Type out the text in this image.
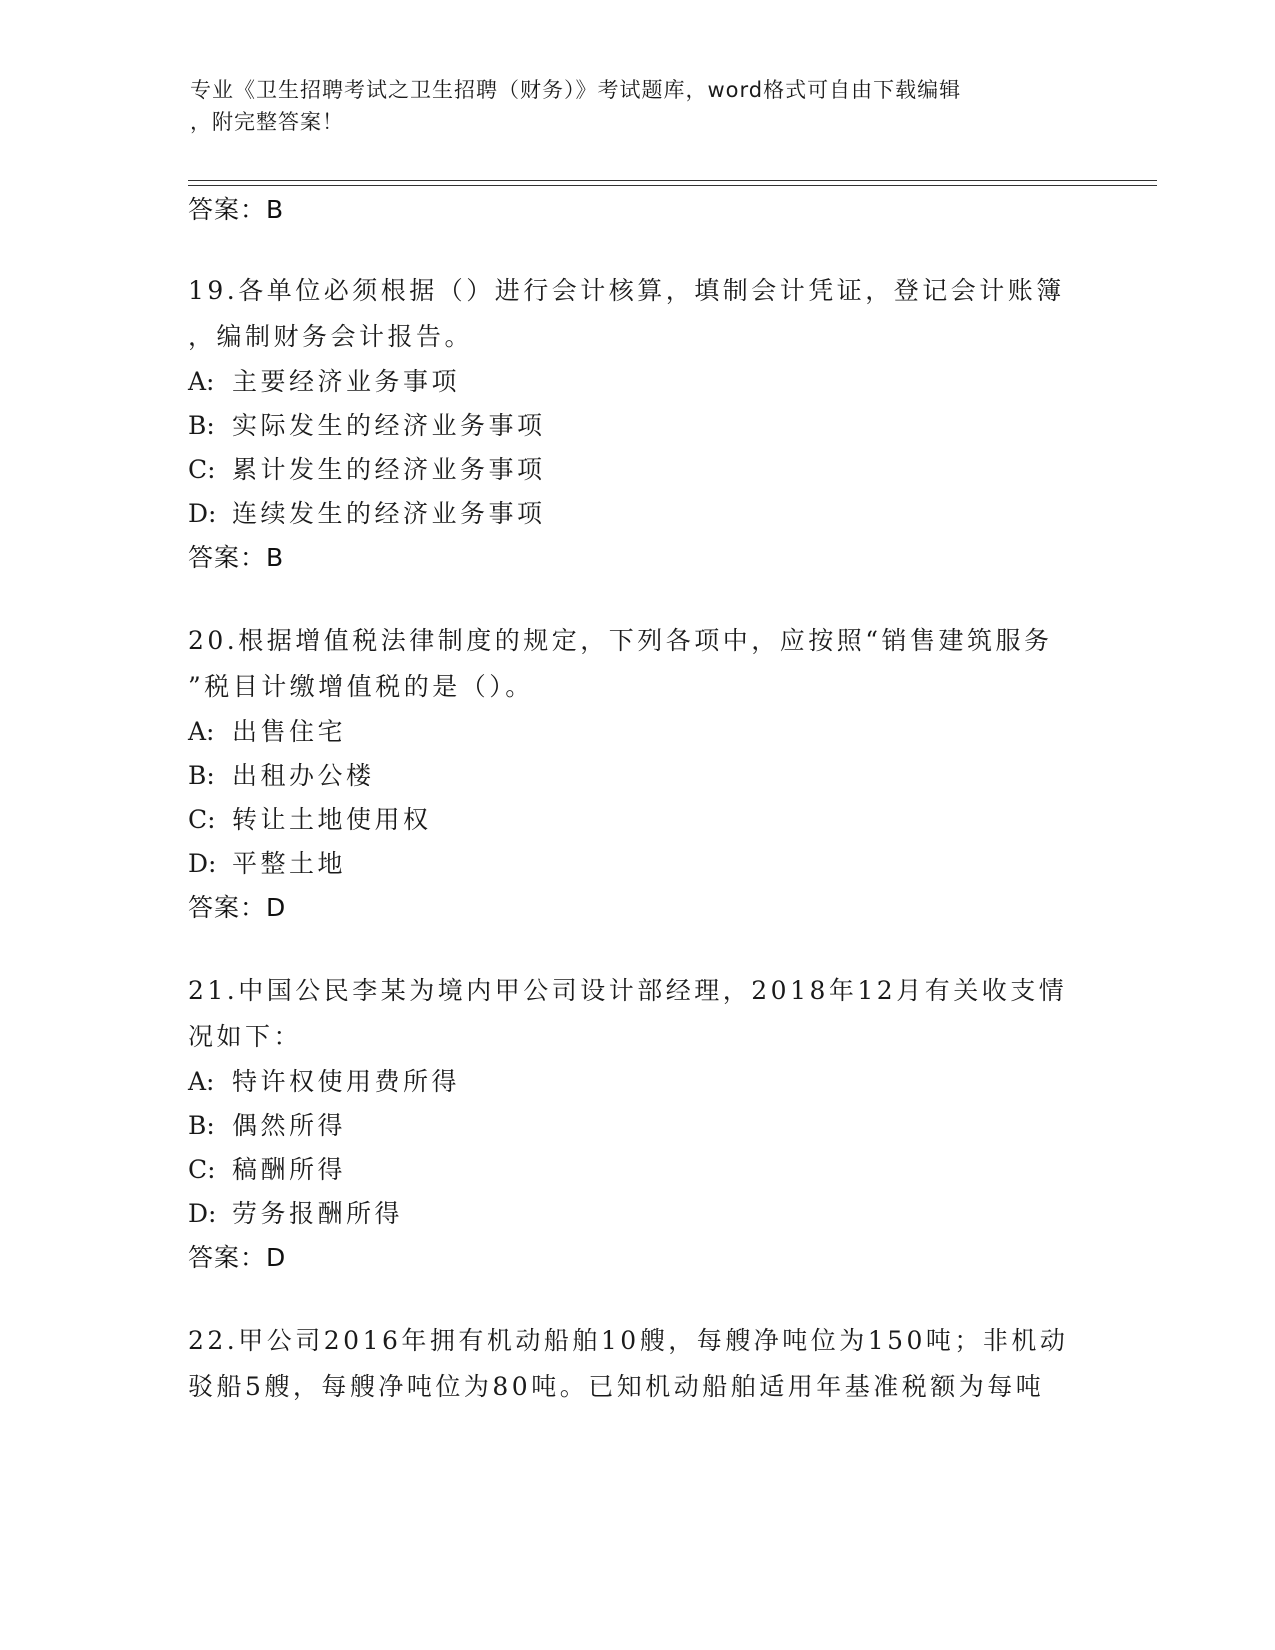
专业《卫生招聘考试之卫生招聘（财务）》考试题库，word格式可自由下载编辑
，附完整答案！
答案：B
19.各单位必须根据（）进行会计核算，填制会计凭证，登记会计账簿
，编制财务会计报告。
A: 主要经济业务事项
B: 实际发生的经济业务事项
C: 累计发生的经济业务事项
D: 连续发生的经济业务事项
答案：B
20.根据增值税法律制度的规定，下列各项中，应按照“销售建筑服务
”税目计缴增值税的是（）。
A: 出售住宅
B: 出租办公楼
C: 转让土地使用权
D: 平整土地
答案：D
21.中国公民李某为境内甲公司设计部经理，2018年12月有关收支情
况如下：
A: 特许权使用费所得
B: 偶然所得
C: 稿酬所得
D: 劳务报酬所得
答案：D
22.甲公司2016年拥有机动船舶10艘，每艘净吨位为150吨；非机动
驳船5艘，每艘净吨位为80吨。已知机动船舶适用年基准税额为每吨
